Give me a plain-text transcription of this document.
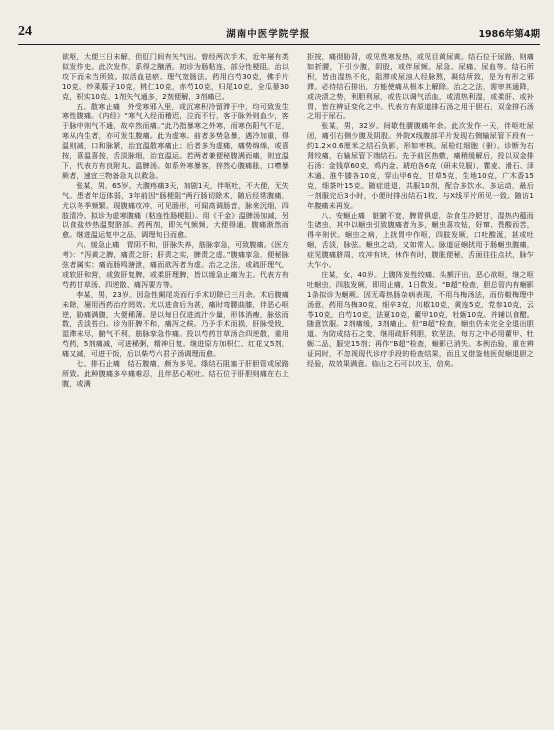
24	湖南中医学院学报	1986年第4期

欲呕，大便三日未解，但肛门间有矢气出。曾经两次手术，近年屡有类似发作史。此次发作，系得之酗酒。初诊为肠粘连、部分性梗阻。治以攻下而未当所致。拟活血祛瘀、理气宽肠法。药用白芍30克，佛手片10克，炒莱菔子10克，桃仁10克，赤芍10克，归尾10克，全瓜蒌30克，枳实10克。1剂矢气通多，2剂便解，3剂痛已。

五、散寒止痛　外受寒邪入里，或沉寒积冷留滞于中，均可致发生寒性腹痛。《内经》“寒气入经而稽迟，泣而不行，客于脉外则血少，客于脉中则气不通，故卒然而痛。”此乃指暴寒之外寒，而寒伤阳气不足，寒从内生者，亦可发生腹痛。此为虚寒。前者多势急暴，遇冷加重，得温则减，口和脉紧，治宜温散寒痛止；后者多为虚痛，痛势绵绵，或喜按，喜温喜按，舌淡脉细，治宜温运。若两者兼便秘腹满而痛，则宜温下，代表方有良附丸、温脾汤。如系外寒暴客，猝然心腹痛胀，口噤暴厥者，速宜三物备急丸以救急。

张某，男，65岁。大腹疼痛3天，加剧1天，伴呕吐，不大便，无失气。患者年迈体弱，3年前因“肠梗阻”两行肠切除术，随后经常腹痛，尤以冬季频繁。现腹痛攻冲，可见肠形，可闻高调肠音，脉来沉细，四肢清冷。拟诊为虚寒腹痛（粘连性肠梗阻）。用《千金》温脾汤加减，另以食盐炒热温熨脐部。药两剂，即矢气频频，大便得通，腹痛渐然而愈。继进温运复中之品，调理旬日而愈。

六、缓急止痛　胃阴不和，肝脉失养，筋脉挛急，可致腹痛。《医方考》：“泻黄之脾，痛责之肝；肝责之实，脾责之虚。”腹痛挛急，便秘脉弦者属实；痛而肠鸣溏泄，痛而欲泻者为虚。治之之法，或疏肝理气，或软肝和营，或敛肝复脾，或柔肝理脾，皆以缓急止痛为主。代表方有芍药甘草汤、四逆散、痛泻要方等。

李某，男，23岁。因急性阑尾炎而行手术切除已三月余。术后腹痛未除，屡用西药治疗罔效。尤以进食后为甚，痛时弯腰曲膝，伴恶心呕逆，胁痛满腹，大便稀薄。是以每日仅进流汁少量，形体消瘦，脉弦而数，舌淡苔白。诊为肝脾不和，痛泻之候。乃予手术而损，肝脉受戕，湿滞未尽，腑气不利，筋脉挛急作痛。投以芍药甘草汤合四逆散，重用芍药，5剂痛减，可进稀粥，精神日复。继进原方加枳仁、红花又5剂，痛又减，可进干饭，后以柴芍六君子汤调理而愈。

七、排石止痛　结石腹痛，颇为多见。绦结石阻塞于肝胆管或尿路所致。此种腹痛多卒痛难忍，且伴恶心呕吐。结石位于肝胆则痛在右上腹，或满

拒按，痛彻胁背，或见畏寒发热，或见目黄尿黄。结石位于尿路，则痛如折腰，下引少腹，阴股，或伴尿频、尿急、尿痛、尿血等。结石所积，皆由湿热不化，阻滞或尿浊人经脉熬，凝结所致，是为有形之邪滞。必待结石排出，方能使痛从根本上解除。治之之法，需审其通降，或决渍之势，利胆利尿，或佐以调气活血，或清热利湿，或柔肝、或补胃，皆在辨证变化之中。代表方有原道排石汤之用于胆石，双金排石汤之用于尿石。

张某，男，32岁。间歇性腰腹痛年余。此次发作一天，伴呕吐尿闭，痛引右侧少腹及阴股。外院X线腹部平片发现右侧输尿管下段有一约1.2×0.6厘米之结石负影，形如枣核。尿检红细胞（卌）。诊断为右肾绞痛，右输尿管下端结石。先予前区热敷，痛稍缓解后，投以双金排石汤：金钱草60克，鸡内金、琥珀各6克（研末兑服），瞿麦、滑石、泽木通、淮牛膝各10克，穿山甲6克，甘草5克，生地10克，广木香15克，细茶叶15克。随症进退，共服10剂，配合多饮水、多运动，最后一剂服完后3小时，小便时排出结石1枚，与X线平片所见一致。随访1年腹痛未再发。

八、安蛔止痛　脏腑不宽，脾胃俱虚，杂食生冷肥甘，湿热内蕴而生诸虫，其中以蛔虫引致腹痛者为多，蛔虫喜攻钻，好窜、畏酸而苦，得辛则伏。蛔虫之病，上扰胃中作呕，四肢发厥，口吐酸涎，甚或吐蛔，舌淡，脉弦。蛔虫之动，又如常人。脉道证蛔扰用于肠蛔虫腹痛，症见腹痛脐周，攻冲有块，休作有时，腹胀便秘，舌面往往点状，脉乍大乍小。

庄某，女，40岁。上腹阵发性绞痛、头额汗出，恶心欲呕，继之呕吐蛔虫，四肢发厥，即用止痛，1日数发。“B超”检查，胆总管内有蛔影1条拟诊为蛔厥。因无毒热肠杂病表现，不用乌梅汤法，而仿椒梅理中汤意，药用乌梅30克，细辛3克，川椒10克，黄连5克，党参10克，云苓10克，白芍10克，法夏10克，藿甲10克，牡蛎10克。并辅以食醋。随意饮服。2剂痛缓，3剂痛止。但“B超”检查，蛔虫仍未完全全退出胆道。为防成结石之变，继用疏肝利胆，软坚法，每方之中必用藿甲、牡蛎二品，服完15剂；再作“B超”检查，蛔影已消失。本例治验，重在辨证同时，不忽视现代诊疗手段的检查结果，而且又借鉴他医促蛔退胆之经验，故效果满意。临山之石可以攻玉，信矣。
